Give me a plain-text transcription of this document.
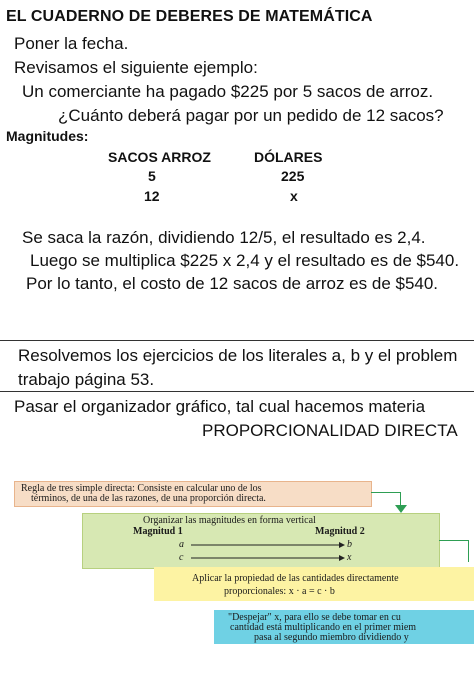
EL CUADERNO DE DEBERES DE MATEMÁTICA
Poner la fecha.
Revisamos el siguiente ejemplo:
Un comerciante ha pagado $225 por 5 sacos de arroz.
¿Cuánto deberá pagar por un pedido de 12 sacos?
Magnitudes:
SACOS ARROZ	DÓLARES
5	225
12	x
Se saca la razón, dividiendo 12/5, el resultado es 2,4.
Luego se multiplica $225 x 2,4 y el resultado es de $540.
Por lo tanto, el costo de 12 sacos de arroz es de $540.
Resolvemos los ejercicios de los literales a, b y el problem
trabajo página 53.
Pasar el organizador gráfico, tal cual hacemos materia
PROPORCIONALIDAD DIRECTA
Regla de tres simple directa: Consiste en calcular uno de los
términos, de una de las razones, de una proporción directa.
Organizar las magnitudes en forma vertical
Magnitud 1	Magnitud 2
a	b
c	x
Aplicar la propiedad de las cantidades directamente
proporcionales: x · a = c · b
"Despejar" x, para ello se debe tomar en cu
cantidad está multiplicando en el primer miem
pasa al segundo miembro dividiendo y
